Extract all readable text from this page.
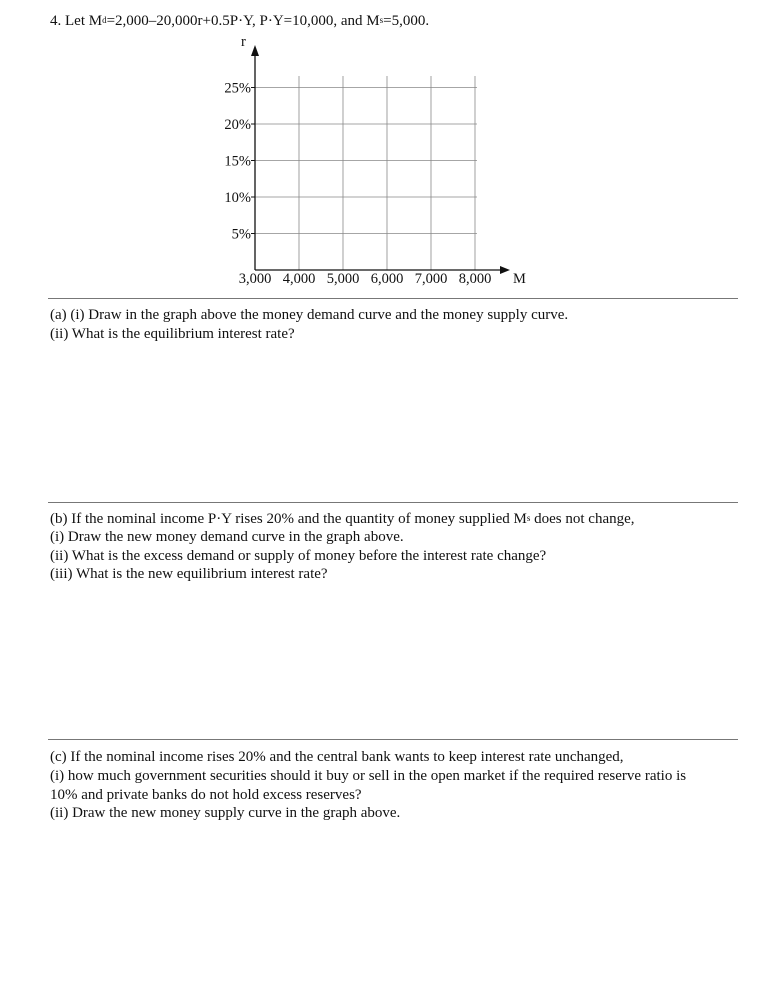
4. Let $M^d=2,000-20,000r+0.5P\cdot Y$, P·Y=10,000, and $M^s=5,000$.
r
M
5%
10%
15%
20%
25%
3,000 4,000 5,000 6,000 7,000 8,000
(a) (i) Draw in the graph above the money demand curve and the money supply curve.
(ii) What is the equilibrium interest rate?
(b) If the nominal income P·Y rises 20% and the quantity of money supplied $M^s$ does not change,
(i) Draw the new money demand curve in the graph above.
(ii) What is the excess demand or supply of money before the interest rate change?
(iii) What is the new equilibrium interest rate?
(c) If the nominal income rises 20% and the central bank wants to keep interest rate unchanged,
(i) how much government securities should it buy or sell in the open market if the required reserve ratio is
10% and private banks do not hold excess reserves?
(ii) Draw the new money supply curve in the graph above.
